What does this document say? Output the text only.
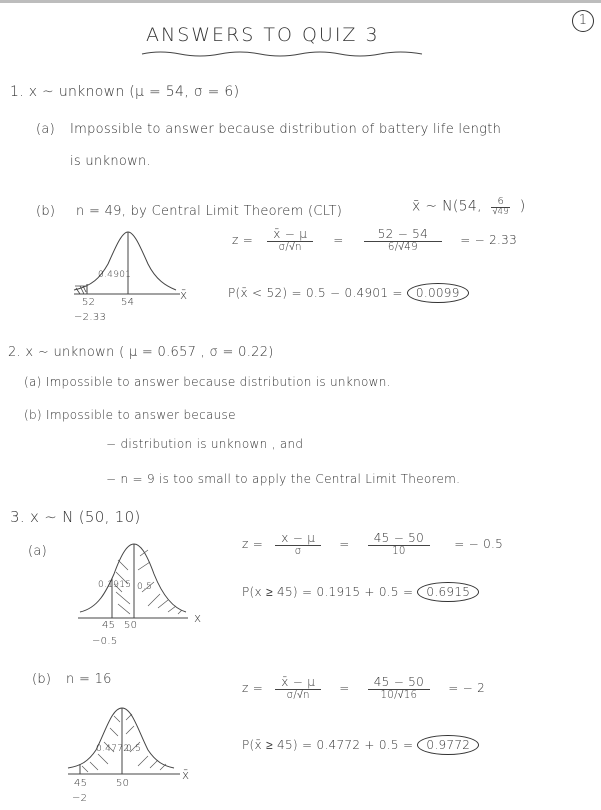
ANSWERS TO QUIZ 3
1
1. x ~ unknown (μ = 54, σ = 6)
(a) Impossible to answer because distribution of battery life length
is unknown.
(b) n = 49, by Central Limit Theorem (CLT)	x̄ ~ N(54, $\frac{6}{√49}$ )
$z = \frac{x̄ - \mu}{\sigma/√n} = \frac{52 - 54}{6/√49}$ = − 2.33
P(x̄ < 52) = 0.5 − 0.4901 = 0.0099
0.4901
52	54
−2.33
x̄
2. x ~ unknown ( μ = 0.657 , σ = 0.22)
(a) Impossible to answer because distribution is unknown.
(b) Impossible to answer because
− distribution is unknown , and
− n = 9 is too small to apply the Central Limit Theorem.
3. x ~ N (50, 10)
(a)
0.1915 0.5
45 50
−0.5
x
$z = \frac{x - \mu}{\sigma} = \frac{45 - 50}{10}$ = − 0.5
P(x ≥ 45) = 0.1915 + 0.5 = 0.6915
(b) n = 16
0.4772
0.5
45	50
−2
x̄
$z = \frac{x̄ - \mu}{\sigma/√n} = \frac{45 - 50}{10/√16}$ = − 2
P(x̄ ≥ 45) = 0.4772 + 0.5 = 0.9772
